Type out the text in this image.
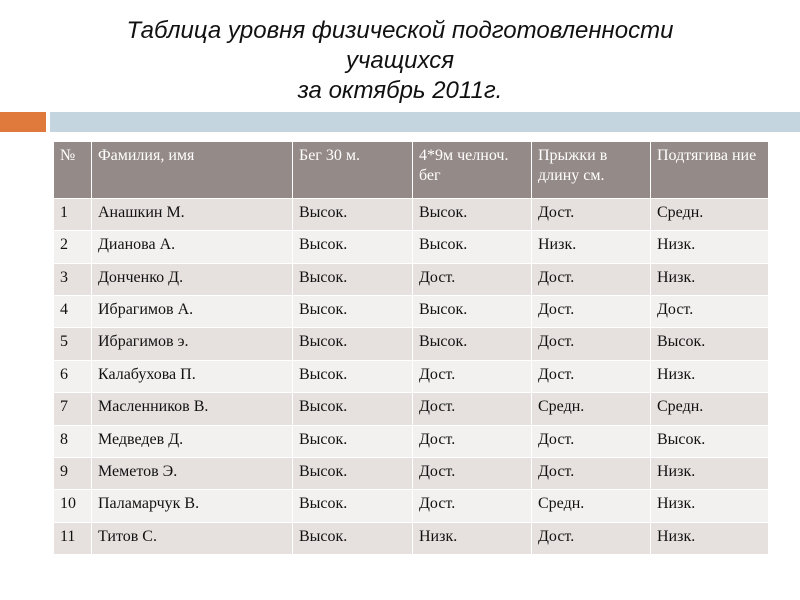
Таблица уровня физической подготовленности
учащихся
за октябрь 2011г.
№	Фамилия, имя	Бег 30 м.	4*9м челноч. бег	Прыжки в длину см.	Подтягива ние
1	Анашкин М.	Высок.	Высок.	Дост.	Средн.
2	Дианова А.	Высок.	Высок.	Низк.	Низк.
3	Донченко Д.	Высок.	Дост.	Дост.	Низк.
4	Ибрагимов А.	Высок.	Высок.	Дост.	Дост.
5	Ибрагимов э.	Высок.	Высок.	Дост.	Высок.
6	Калабухова П.	Высок.	Дост.	Дост.	Низк.
7	Масленников В.	Высок.	Дост.	Средн.	Средн.
8	Медведев Д.	Высок.	Дост.	Дост.	Высок.
9	Меметов Э.	Высок.	Дост.	Дост.	Низк.
10	Паламарчук В.	Высок.	Дост.	Средн.	Низк.
11	Титов С.	Высок.	Низк.	Дост.	Низк.
